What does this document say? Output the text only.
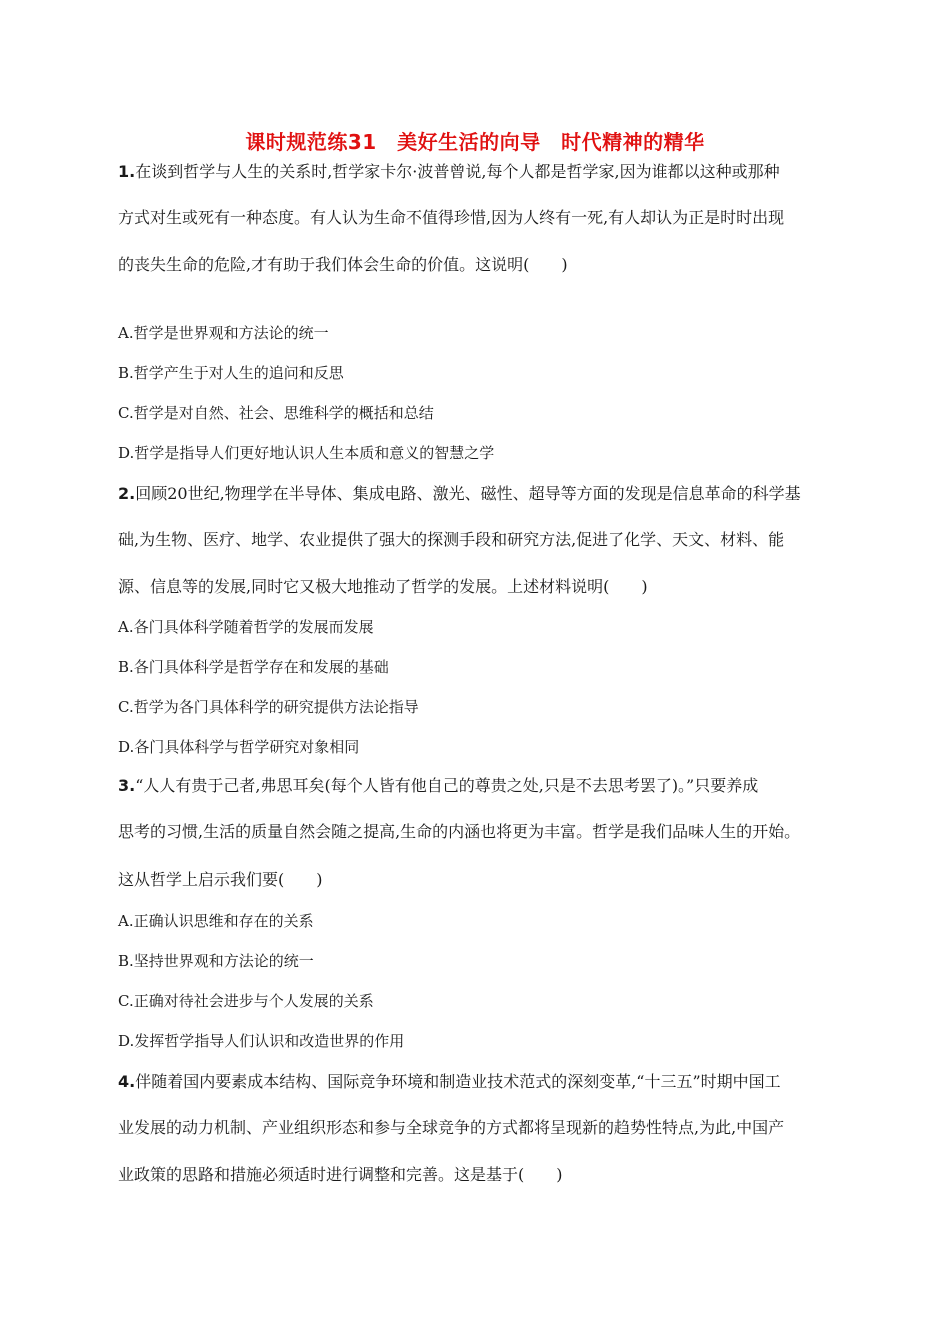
课时规范练31　美好生活的向导　时代精神的精华
1.在谈到哲学与人生的关系时,哲学家卡尔·波普曾说,每个人都是哲学家,因为谁都以这种或那种
方式对生或死有一种态度。有人认为生命不值得珍惜,因为人终有一死,有人却认为正是时时出现
的丧失生命的危险,才有助于我们体会生命的价值。这说明(　　)
A.哲学是世界观和方法论的统一
B.哲学产生于对人生的追问和反思
C.哲学是对自然、社会、思维科学的概括和总结
D.哲学是指导人们更好地认识人生本质和意义的智慧之学
2.回顾20世纪,物理学在半导体、集成电路、激光、磁性、超导等方面的发现是信息革命的科学基
础,为生物、医疗、地学、农业提供了强大的探测手段和研究方法,促进了化学、天文、材料、能
源、信息等的发展,同时它又极大地推动了哲学的发展。上述材料说明(　　)
A.各门具体科学随着哲学的发展而发展
B.各门具体科学是哲学存在和发展的基础
C.哲学为各门具体科学的研究提供方法论指导
D.各门具体科学与哲学研究对象相同
3.“人人有贵于己者,弗思耳矣(每个人皆有他自己的尊贵之处,只是不去思考罢了)。”只要养成
思考的习惯,生活的质量自然会随之提高,生命的内涵也将更为丰富。哲学是我们品味人生的开始。
这从哲学上启示我们要(　　)
A.正确认识思维和存在的关系
B.坚持世界观和方法论的统一
C.正确对待社会进步与个人发展的关系
D.发挥哲学指导人们认识和改造世界的作用
4.伴随着国内要素成本结构、国际竞争环境和制造业技术范式的深刻变革,“十三五”时期中国工
业发展的动力机制、产业组织形态和参与全球竞争的方式都将呈现新的趋势性特点,为此,中国产
业政策的思路和措施必须适时进行调整和完善。这是基于(　　)
